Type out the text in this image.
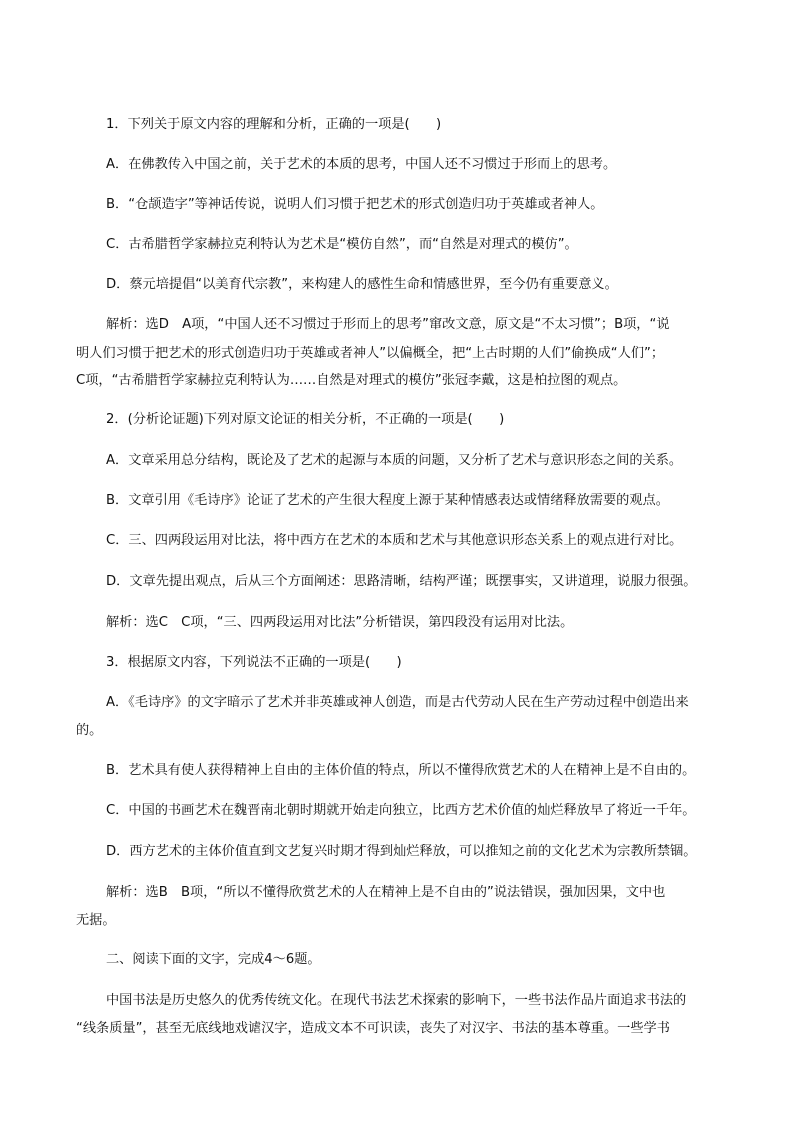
1．下列关于原文内容的理解和分析，正确的一项是(　　)
A．在佛教传入中国之前，关于艺术的本质的思考，中国人还不习惯过于形而上的思考。
B．“仓颉造字”等神话传说，说明人们习惯于把艺术的形式创造归功于英雄或者神人。
C．古希腊哲学家赫拉克利特认为艺术是“模仿自然”，而“自然是对理式的模仿”。
D．蔡元培提倡“以美育代宗教”，来构建人的感性生命和情感世界，至今仍有重要意义。
解析：选D　A项，“中国人还不习惯过于形而上的思考”窜改文意，原文是“不太习惯”；B项，“说
明人们习惯于把艺术的形式创造归功于英雄或者神人”以偏概全，把“上古时期的人们”偷换成“人们”；
C项，“古希腊哲学家赫拉克利特认为……自然是对理式的模仿”张冠李戴，这是柏拉图的观点。
2．(分析论证题)下列对原文论证的相关分析，不正确的一项是(　　)
A．文章采用总分结构，既论及了艺术的起源与本质的问题，又分析了艺术与意识形态之间的关系。
B．文章引用《毛诗序》论证了艺术的产生很大程度上源于某种情感表达或情绪释放需要的观点。
C．三、四两段运用对比法，将中西方在艺术的本质和艺术与其他意识形态关系上的观点进行对比。
D．文章先提出观点，后从三个方面阐述：思路清晰，结构严谨；既摆事实，又讲道理，说服力很强。
解析：选C　C项，“三、四两段运用对比法”分析错误，第四段没有运用对比法。
3．根据原文内容，下列说法不正确的一项是(　　)
A．《毛诗序》的文字暗示了艺术并非英雄或神人创造，而是古代劳动人民在生产劳动过程中创造出来
的。
B．艺术具有使人获得精神上自由的主体价值的特点，所以不懂得欣赏艺术的人在精神上是不自由的。
C．中国的书画艺术在魏晋南北朝时期就开始走向独立，比西方艺术价值的灿烂释放早了将近一千年。
D．西方艺术的主体价值直到文艺复兴时期才得到灿烂释放，可以推知之前的文化艺术为宗教所禁锢。
解析：选B　B项，“所以不懂得欣赏艺术的人在精神上是不自由的”说法错误，强加因果，文中也
无据。
二、阅读下面的文字，完成4～6题。
中国书法是历史悠久的优秀传统文化。在现代书法艺术探索的影响下，一些书法作品片面追求书法的
“线条质量”，甚至无底线地戏谑汉字，造成文本不可识读，丧失了对汉字、书法的基本尊重。一些学书
